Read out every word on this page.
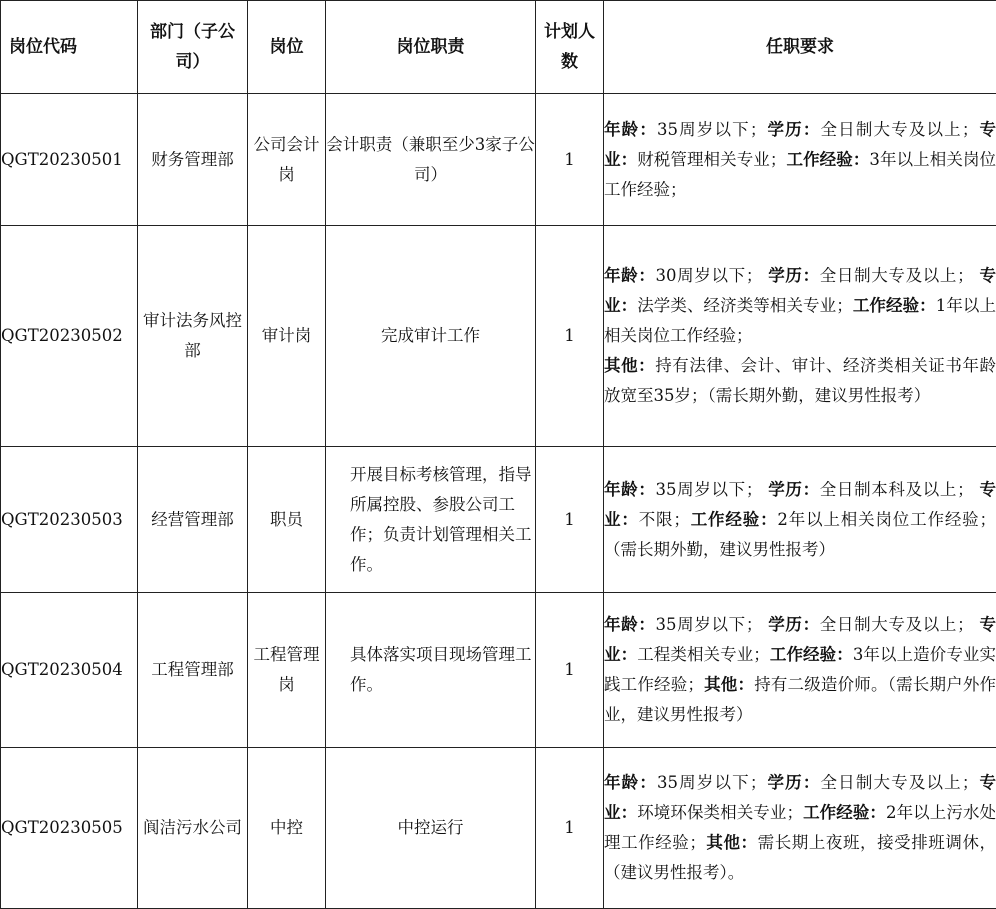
岗位代码	部门（子公司）	岗位	岗位职责	计划人数	任职要求
QGT20230501	财务管理部	公司会计岗	会计职责（兼职至少3家子公司）	1	年龄：35周岁以下；学历：全日制大专及以上；专业：财税管理相关专业；工作经验：3年以上相关岗位工作经验；
QGT20230502	审计法务风控部	审计岗	完成审计工作	1	年龄：30周岁以下； 学历：全日制大专及以上； 专业：法学类、经济类等相关专业；工作经验：1年以上相关岗位工作经验；
其他：持有法律、会计、审计、经济类相关证书年龄放宽至35岁；（需长期外勤，建议男性报考）
QGT20230503	经营管理部	职员	开展目标考核管理，指导所属控股、参股公司工作；负责计划管理相关工作。	1	年龄：35周岁以下； 学历：全日制本科及以上； 专业：不限；工作经验：2年以上相关岗位工作经验；（需长期外勤，建议男性报考）
QGT20230504	工程管理部	工程管理岗	具体落实项目现场管理工作。	1	年龄：35周岁以下； 学历：全日制大专及以上； 专业：工程类相关专业；工作经验：3年以上造价专业实践工作经验；其他：持有二级造价师。（需长期户外作业，建议男性报考）
QGT20230505	阆洁污水公司	中控	中控运行	1	年龄：35周岁以下；学历：全日制大专及以上；专业：环境环保类相关专业；工作经验：2年以上污水处理工作经验；其他：需长期上夜班，接受排班调休，（建议男性报考）。
